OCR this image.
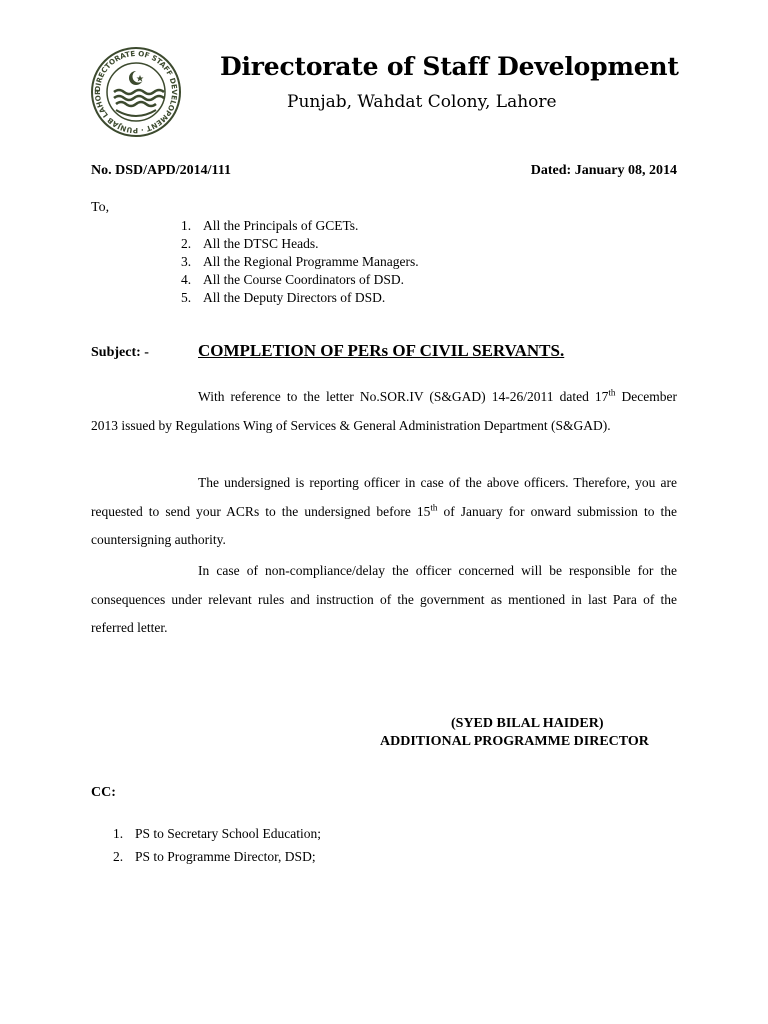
DIRECTORATE OF STAFF DEVELOPMENT · PUNJAB LAHOR
Directorate of Staff Development
Punjab, Wahdat Colony, Lahore
No. DSD/APD/2014/111	Dated: January 08, 2014
To,
1. All the Principals of GCETs.
2. All the DTSC Heads.
3. All the Regional Programme Managers.
4. All the Course Coordinators of DSD.
5. All the Deputy Directors of DSD.
Subject: -	COMPLETION OF PERs OF CIVIL SERVANTS.

With reference to the letter No.SOR.IV (S&GAD) 14-26/2011 dated 17th December 2013 issued by Regulations Wing of Services & General Administration Department (S&GAD).

The undersigned is reporting officer in case of the above officers. Therefore, you are requested to send your ACRs to the undersigned before 15th of January for onward submission to the countersigning authority.

In case of non-compliance/delay the officer concerned will be responsible for the consequences under relevant rules and instruction of the government as mentioned in last Para of the referred letter.

(SYED BILAL HAIDER)
ADDITIONAL PROGRAMME DIRECTOR
CC:
1. PS to Secretary School Education;
2. PS to Programme Director, DSD;
